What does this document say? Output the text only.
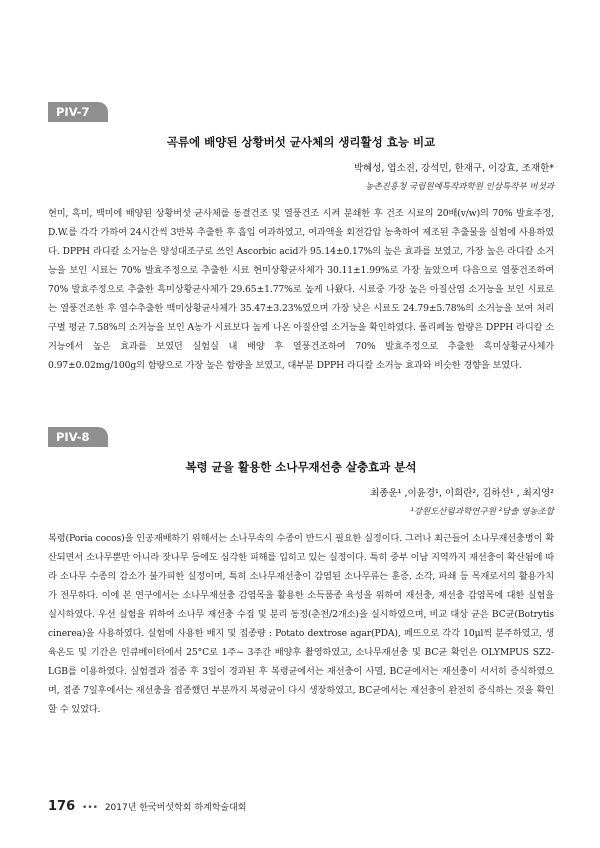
PIV-7
곡류에 배양된 상황버섯 균사체의 생리활성 효능 비교
박혜성, 엽소진, 강석민, 한재구, 이강효, 조재한*
농촌진흥청 국립원예특작과학원 인삼특작부 버섯과
현미, 흑미, 백미에 배양된 상황버섯 균사체를 동결건조 및 열풍건조 시켜 분쇄한 후 건조 시료의 20배(v/w)의 70% 발효주정, D.W.를 각각 가하여 24시간씩 3반복 추출한 후 흡입 여과하였고, 여과액을 회전감압 농축하여 제조된 추출물을 실험에 사용하였다. DPPH 라디칼 소거능은 양성대조구로 쓰인 Ascorbic acid가 95.14±0.17%의 높은 효과를 보였고, 가장 높은 라디칼 소거능을 보인 시료는 70% 발효주정으로 추출한 시료 현미상황균사체가 30.11±1.99%로 가장 높았으며 다음으로 열풍건조하여 70% 발효주정으로 추출한 흑미상황균사체가 29.65±1.77%로 높게 나왔다. 시료중 가장 높은 아질산염 소거능을 보인 시료로는 열풍건조한 후 열수추출한 백미상황균사체가 35.47±3.23%였으며 가장 낮은 시료도 24.79±5.78%의 소거능을 보여 처리구별 평균 7.58%의 소거능을 보인 A농가 시료보다 높게 나온 아질산염 소거능을 확인하였다. 폴리페놀 함량은 DPPH 라디칼 소거능에서 높은 효과를 보였던 실험실 내 배양 후 열풍건조하여 70% 발효주정으로 추출한 흑미상황균사체가 0.97±0.02mg/100g의 함량으로 가장 높은 함량을 보였고, 대부분 DPPH 라디칼 소거능 효과와 비슷한 경향을 보였다.
PIV-8
복령 균을 활용한 소나무재선충 살충효과 분석
최종운¹ ,이윤경¹, 이희란², 김하선¹ , 최지영²
¹강원도산림과학연구원 ²담솔 영농조합
복령(Poria cocos)을 인공재배하기 위해서는 소나무속의 수종이 반드시 필요한 실정이다. 그러나 최근들어 소나무재선충병이 확산되면서 소나무뿐만 아니라 잣나무 등에도 심각한 피해를 입히고 있는 실정이다. 특히 중부 이남 지역까지 재선충이 확산됨에 따라 소나무 수종의 감소가 불가피한 실정이며, 특히 소나무재선충이 감염된 소나무류는 훈증, 소각, 파쇄 등 목재로서의 활용가치가 전무하다. 이에 본 연구에서는 소나무재선충 감염목을 활용한 소득품종 육성을 위하여 재선충, 재선충 감염목에 대한 실험을 실시하였다. 우선 실험을 위하여 소나무 재선충 수집 및 분리 동정(춘천/2개소)을 실시하였으며, 비교 대상 균은 BC균(Botrytis cinerea)을 사용하였다. 실험에 사용한 배지 및 접종량 : Potato dextrose agar(PDA), 페뜨으로 각각 10μl씩 분주하였고, 생육온도 및 기간은 인큐베이터에서 25°C로 1주~ 3주간 배양후 촬영하였고, 소나무재선충 및 BC균 확인은 OLYMPUS SZ2-LGB를 이용하였다. 실험결과 접종 후 3일이 경과된 후 복령균에서는 재선충이 사멸, BC균에서는 재선충이 서서히 증식하였으며, 접종 7일후에서는 재선충을 접종했던 부분까지 복령균이 다시 생장하였고, BC균에서는 재선충이 완전히 증식하는 것을 확인할 수 있었다.
176 ••• 2017년 한국버섯학회 하계학술대회
